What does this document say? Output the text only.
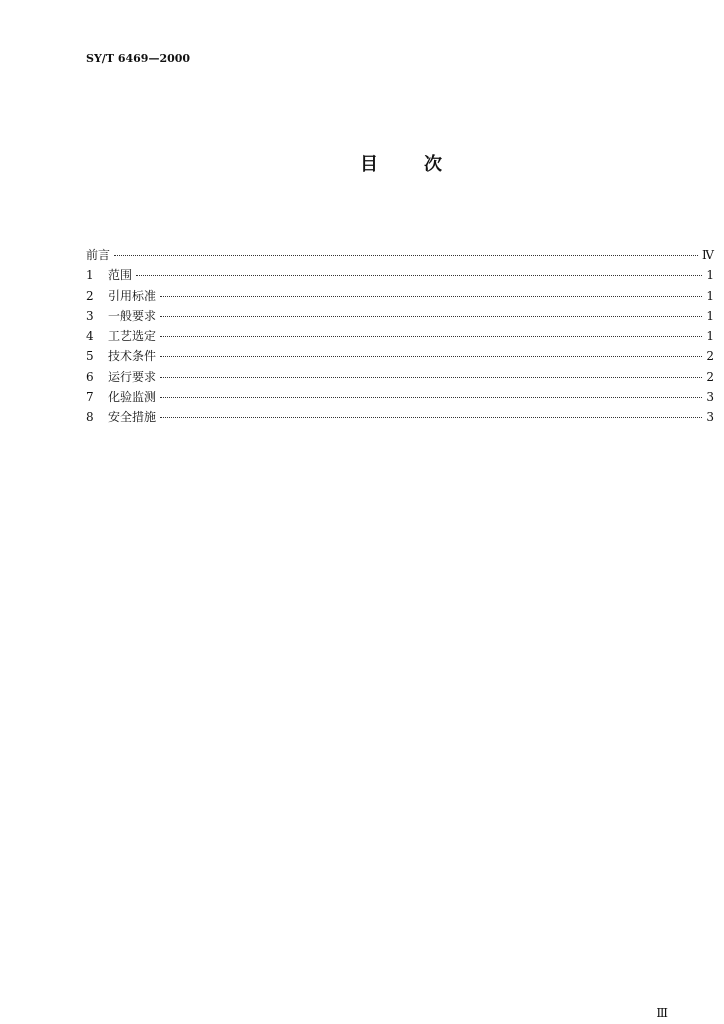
SY/T 6469—2000
目	次
前言	Ⅳ
1	范围	1
2	引用标准	1
3	一般要求	1
4	工艺选定	1
5	技术条件	2
6	运行要求	2
7	化验监测	3
8	安全措施	3
Ⅲ
